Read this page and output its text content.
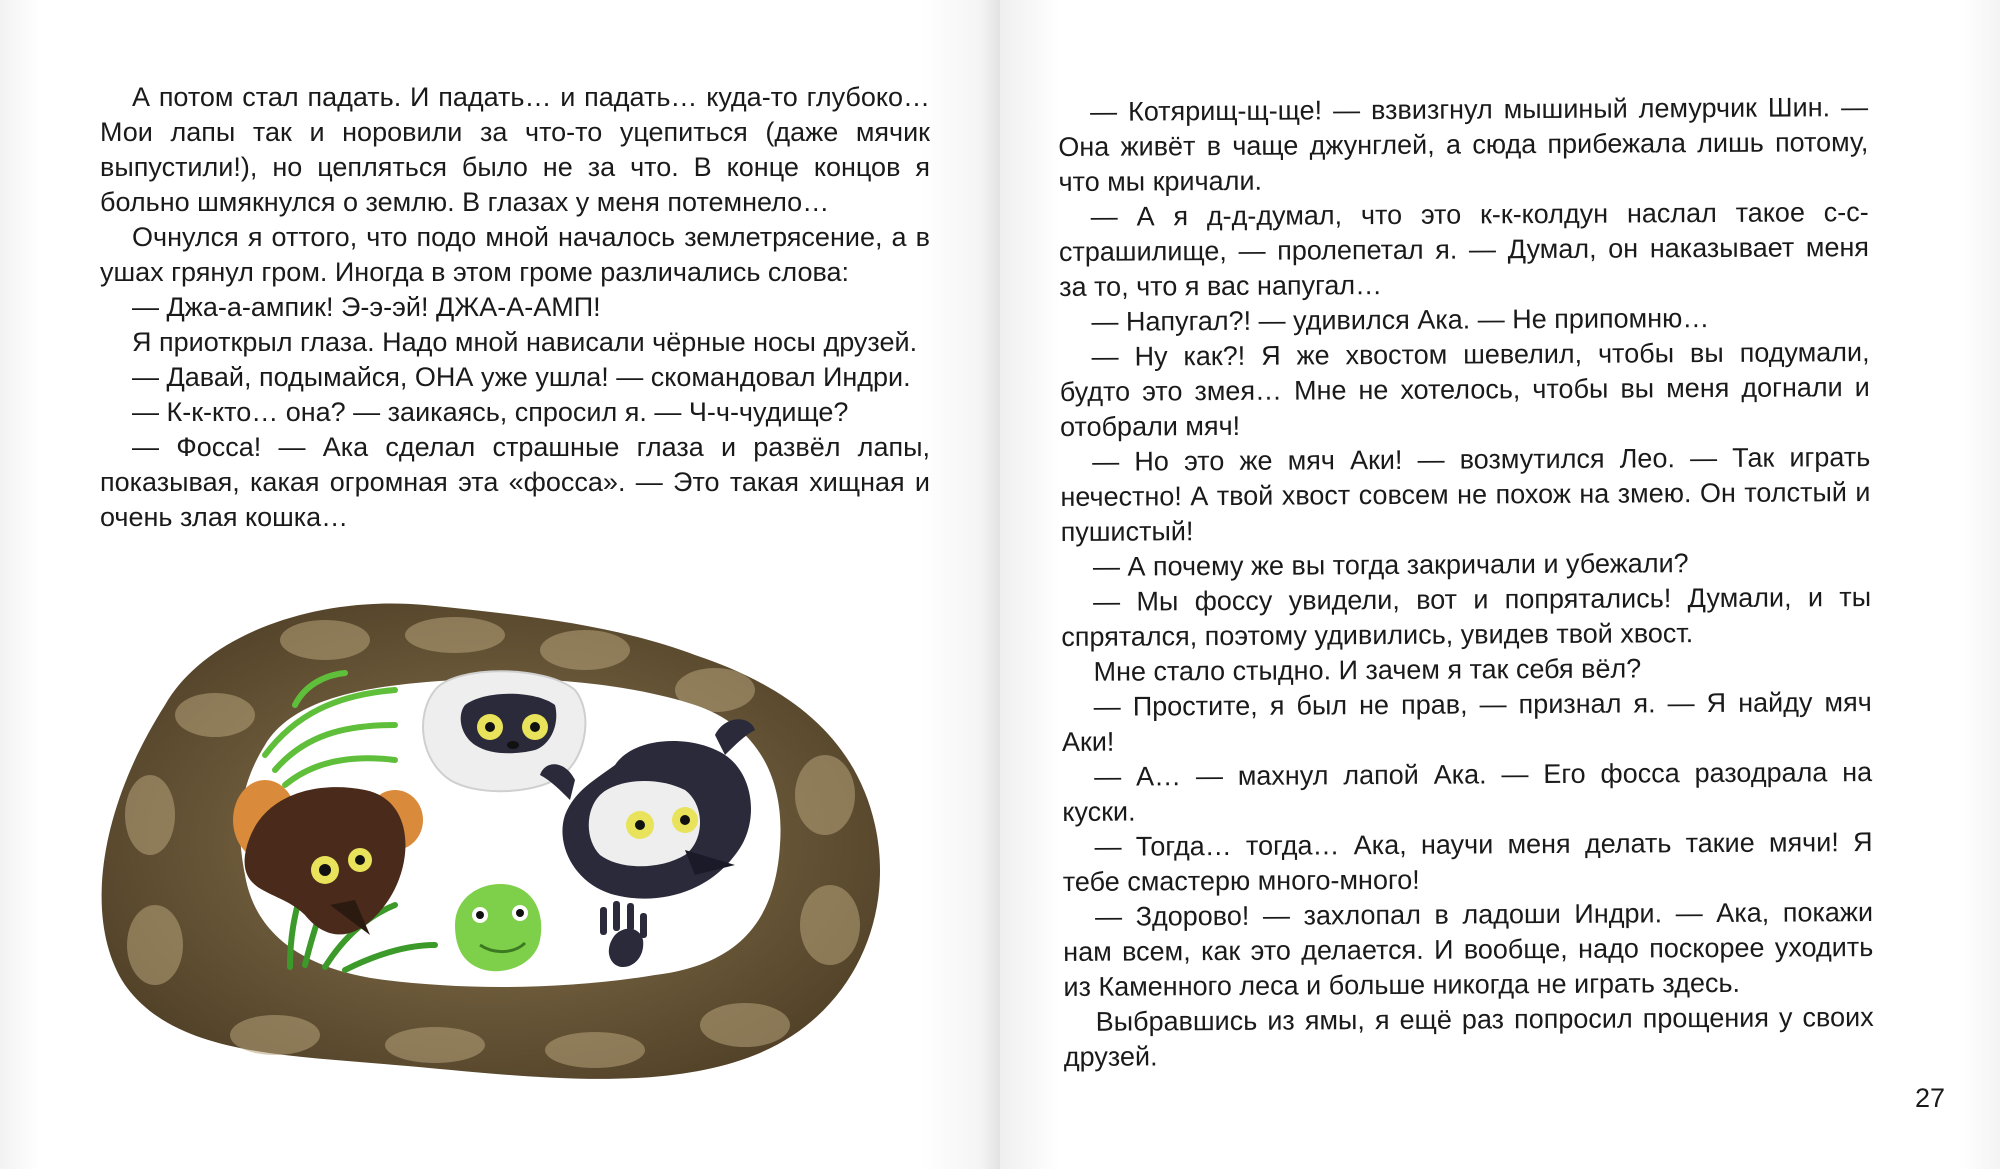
А потом стал падать. И падать… и падать… куда-то глубоко… Мои лапы так и норовили за что-то уцепиться (даже мячик выпустили!), но цепляться было не за что. В конце концов я больно шмякнулся о землю. В глазах у меня потемнело…

Очнулся я оттого, что подо мной началось землетрясение, а в ушах грянул гром. Иногда в этом громе различались слова:

— Джа-а-ампик! Э-э-эй! ДЖА-А-АМП!

Я приоткрыл глаза. Надо мной нависали чёрные носы друзей.

— Давай, подымайся, ОНА уже ушла! — скомандовал Индри.

— К-к-кто… она? — заикаясь, спросил я. — Ч-ч-чудище?

— Фосса! — Ака сделал страшные глаза и развёл лапы, показывая, какая огромная эта «фосса». — Это такая хищная и очень злая кошка…

— Котярищ-щ-ще! — взвизгнул мышиный лемурчик Шин. — Она живёт в чаще джунглей, а сюда прибежала лишь потому, что мы кричали.

— А я д-д-думал, что это к-к-колдун наслал такое с-с-страшилище, — пролепетал я. — Думал, он наказывает меня за то, что я вас напугал…

— Напугал?! — удивился Ака. — Не припомню…

— Ну как?! Я же хвостом шевелил, чтобы вы подумали, будто это змея… Мне не хотелось, чтобы вы меня догнали и отобрали мяч!

— Но это же мяч Аки! — возмутился Лео. — Так играть нечестно! А твой хвост совсем не похож на змею. Он толстый и пушистый!

— А почему же вы тогда закричали и убежали?

— Мы фоссу увидели, вот и попрятались! Думали, и ты спрятался, поэтому удивились, увидев твой хвост.

Мне стало стыдно. И зачем я так себя вёл?

— Простите, я был не прав, — признал я. — Я найду мяч Аки!

— А… — махнул лапой Ака. — Его фосса разодрала на куски.

— Тогда… тогда… Ака, научи меня делать такие мячи! Я тебе смастерю много-много!

— Здорово! — захлопал в ладоши Индри. — Ака, покажи нам всем, как это делается. И вообще, надо поскорее уходить из Каменного леса и больше никогда не играть здесь.

Выбравшись из ямы, я ещё раз попросил прощения у своих друзей.

27
